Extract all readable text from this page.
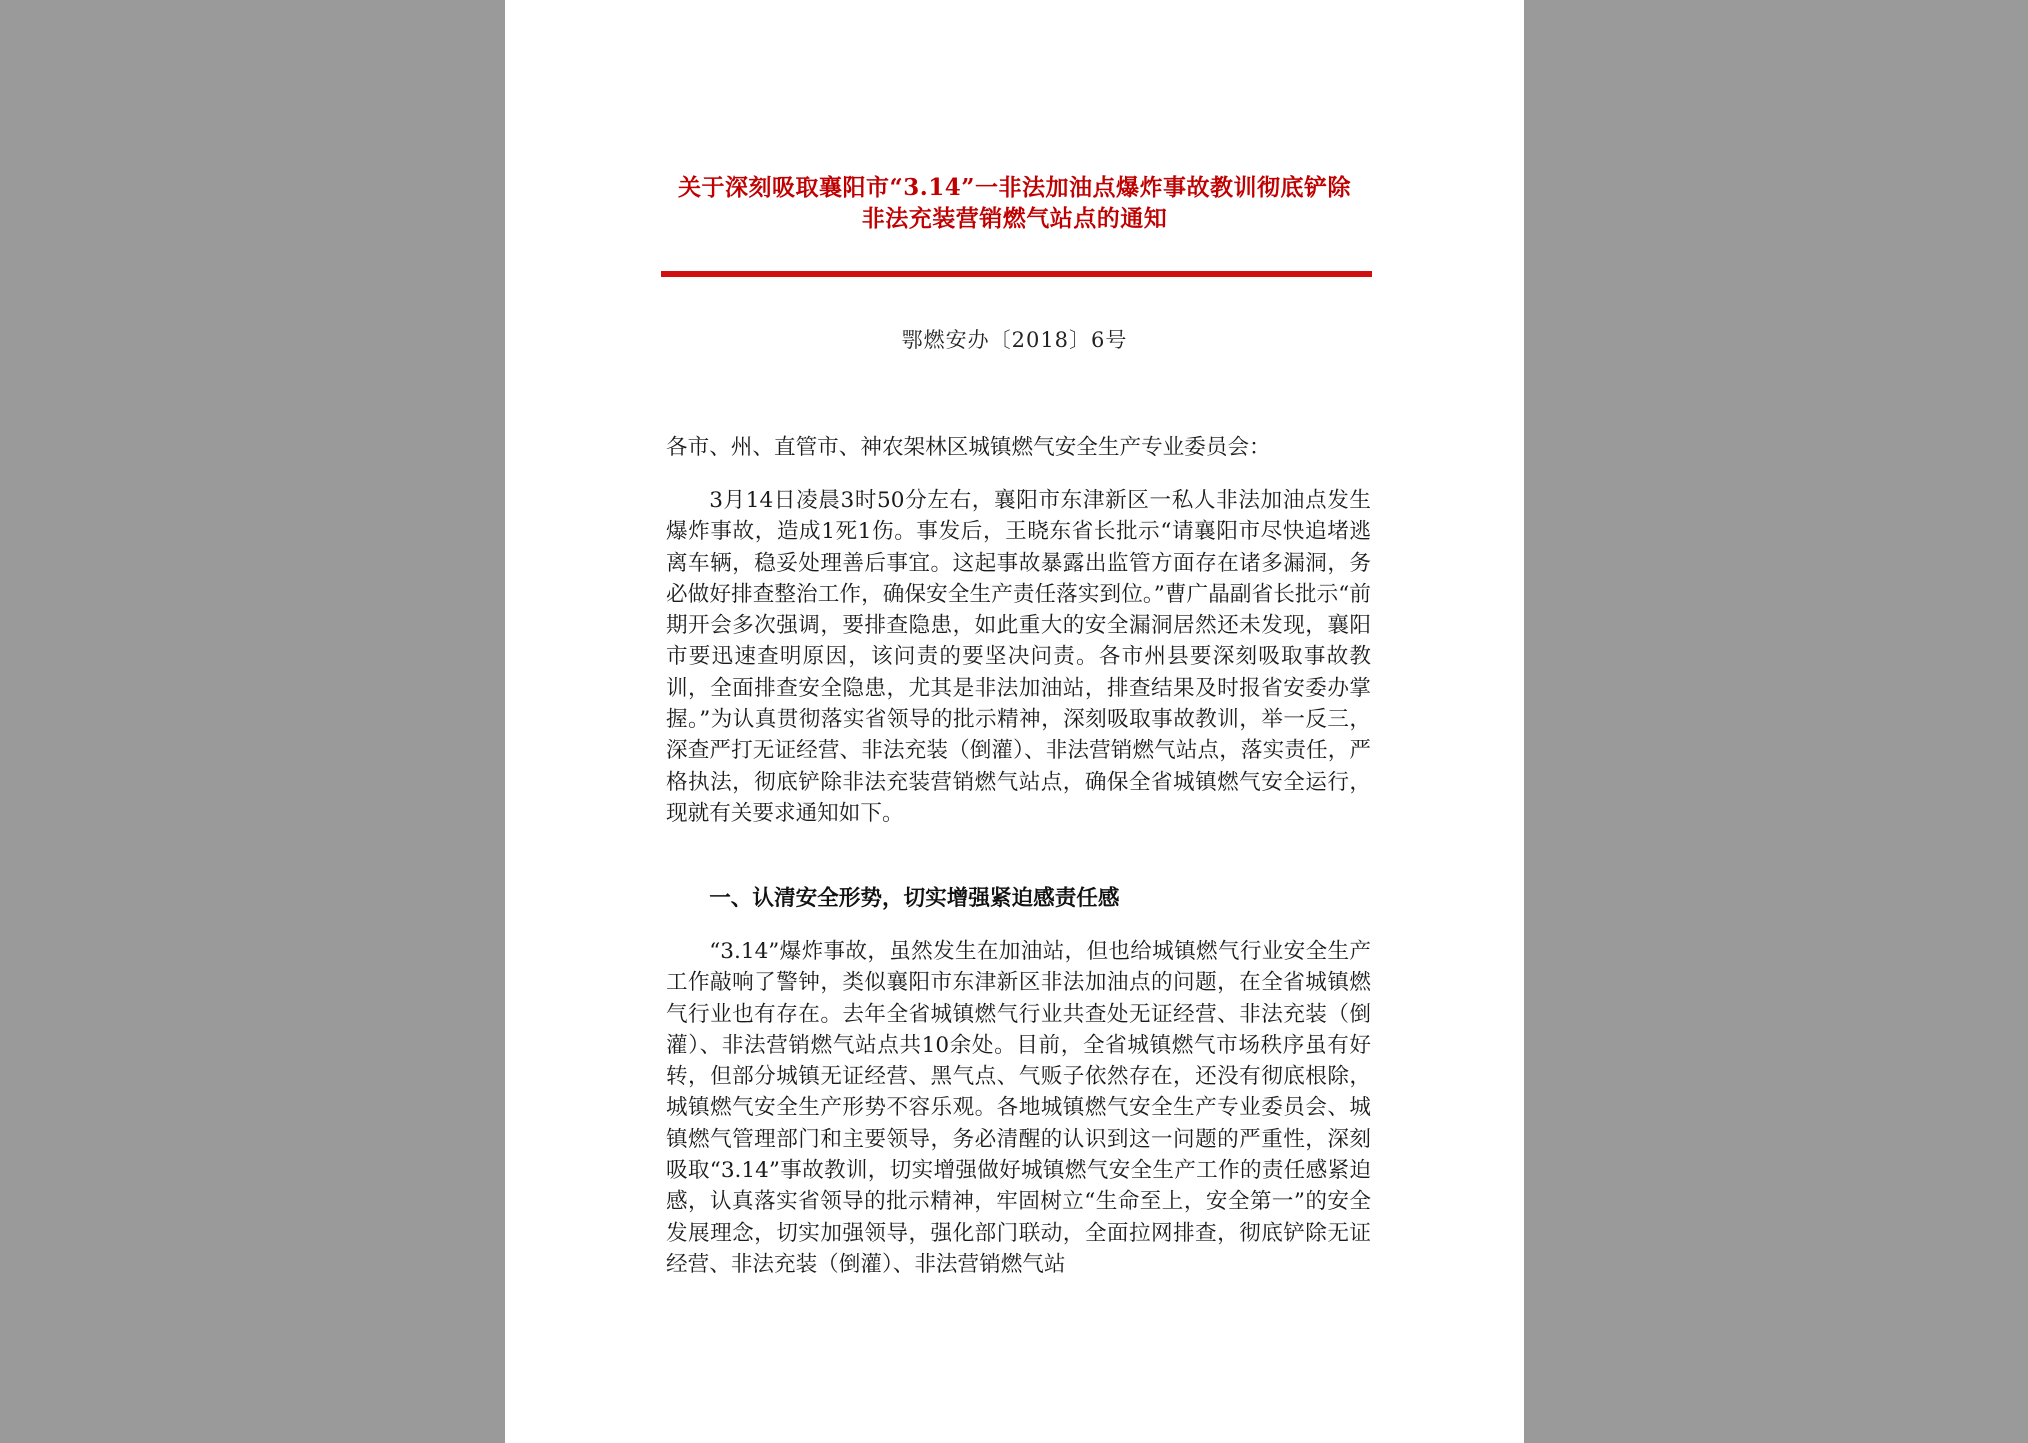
关于深刻吸取襄阳市“3.14”一非法加油点爆炸事故教训彻底铲除
非法充装营销燃气站点的通知
鄂燃安办〔2018〕6号
各市、州、直管市、神农架林区城镇燃气安全生产专业委员会：
3月14日凌晨3时50分左右，襄阳市东津新区一私人非法加油点发生爆炸事故，造成1死1伤。事发后，王晓东省长批示“请襄阳市尽快追堵逃离车辆，稳妥处理善后事宜。这起事故暴露出监管方面存在诸多漏洞，务必做好排查整治工作，确保安全生产责任落实到位。”曹广晶副省长批示“前期开会多次强调，要排查隐患，如此重大的安全漏洞居然还未发现，襄阳市要迅速查明原因，该问责的要坚决问责。各市州县要深刻吸取事故教训，全面排查安全隐患，尤其是非法加油站，排查结果及时报省安委办掌握。”为认真贯彻落实省领导的批示精神，深刻吸取事故教训，举一反三，深查严打无证经营、非法充装（倒灌）、非法营销燃气站点，落实责任，严格执法，彻底铲除非法充装营销燃气站点，确保全省城镇燃气安全运行，现就有关要求通知如下。
一、认清安全形势，切实增强紧迫感责任感
“3.14”爆炸事故，虽然发生在加油站，但也给城镇燃气行业安全生产工作敲响了警钟，类似襄阳市东津新区非法加油点的问题，在全省城镇燃气行业也有存在。去年全省城镇燃气行业共查处无证经营、非法充装（倒灌）、非法营销燃气站点共10余处。目前，全省城镇燃气市场秩序虽有好转，但部分城镇无证经营、黑气点、气贩子依然存在，还没有彻底根除，城镇燃气安全生产形势不容乐观。各地城镇燃气安全生产专业委员会、城镇燃气管理部门和主要领导，务必清醒的认识到这一问题的严重性，深刻吸取“3.14”事故教训，切实增强做好城镇燃气安全生产工作的责任感紧迫感，认真落实省领导的批示精神，牢固树立“生命至上，安全第一”的安全发展理念，切实加强领导，强化部门联动，全面拉网排查，彻底铲除无证经营、非法充装（倒灌）、非法营销燃气站
